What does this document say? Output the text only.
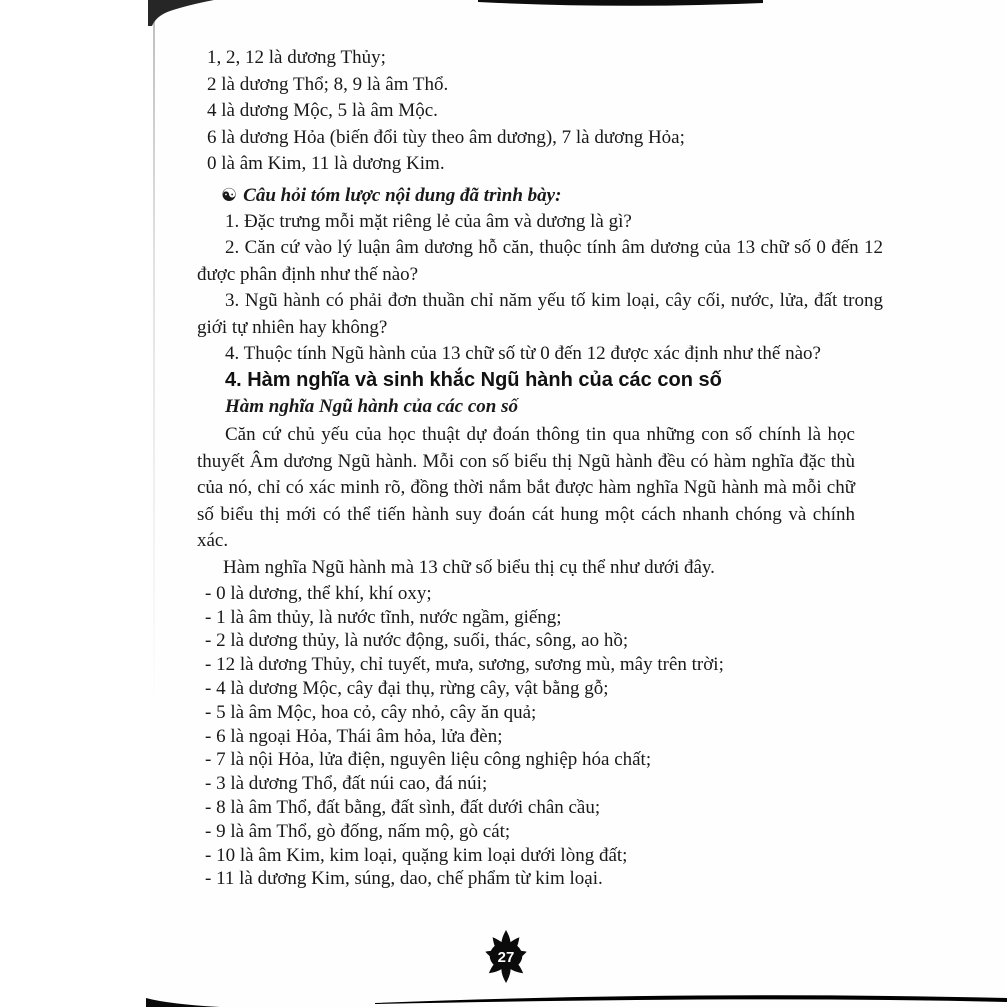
1, 2, 12 là dương Thủy;

2 là dương Thổ; 8, 9 là âm Thổ.

4 là dương Mộc, 5 là âm Mộc.

6 là dương Hỏa (biến đổi tùy theo âm dương), 7 là dương Hỏa;

0 là âm Kim, 11 là dương Kim.

☯ Câu hỏi tóm lược nội dung đã trình bày:

1. Đặc trưng mỗi mặt riêng lẻ của âm và dương là gì?

2. Căn cứ vào lý luận âm dương hỗ căn, thuộc tính âm dương của 13 chữ số 0 đến 12 được phân định như thế nào?

3. Ngũ hành có phải đơn thuần chỉ năm yếu tố kim loại, cây cối, nước, lửa, đất trong giới tự nhiên hay không?

4. Thuộc tính Ngũ hành của 13 chữ số từ 0 đến 12 được xác định như thế nào?

4. Hàm nghĩa và sinh khắc Ngũ hành của các con số

Hàm nghĩa Ngũ hành của các con số

Căn cứ chủ yếu của học thuật dự đoán thông tin qua những con số chính là học thuyết Âm dương Ngũ hành. Mỗi con số biểu thị Ngũ hành đều có hàm nghĩa đặc thù của nó, chỉ có xác minh rõ, đồng thời nắm bắt được hàm nghĩa Ngũ hành mà mỗi chữ số biểu thị mới có thể tiến hành suy đoán cát hung một cách nhanh chóng và chính xác.

Hàm nghĩa Ngũ hành mà 13 chữ số biểu thị cụ thể như dưới đây.

- 0 là dương, thể khí, khí oxy;

- 1 là âm thủy, là nước tĩnh, nước ngầm, giếng;

- 2 là dương thủy, là nước động, suối, thác, sông, ao hồ;

- 12 là dương Thủy, chỉ tuyết, mưa, sương, sương mù, mây trên trời;

- 4 là dương Mộc, cây đại thụ, rừng cây, vật bằng gỗ;

- 5 là âm Mộc, hoa cỏ, cây nhỏ, cây ăn quả;

- 6 là ngoại Hỏa, Thái âm hỏa, lửa đèn;

- 7 là nội Hỏa, lửa điện, nguyên liệu công nghiệp hóa chất;

- 3 là dương Thổ, đất núi cao, đá núi;

- 8 là âm Thổ, đất bằng, đất sình, đất dưới chân cầu;

- 9 là âm Thổ, gò đống, nấm mộ, gò cát;

- 10 là âm Kim, kim loại, quặng kim loại dưới lòng đất;

- 11 là dương Kim, súng, dao, chế phẩm từ kim loại.

27
